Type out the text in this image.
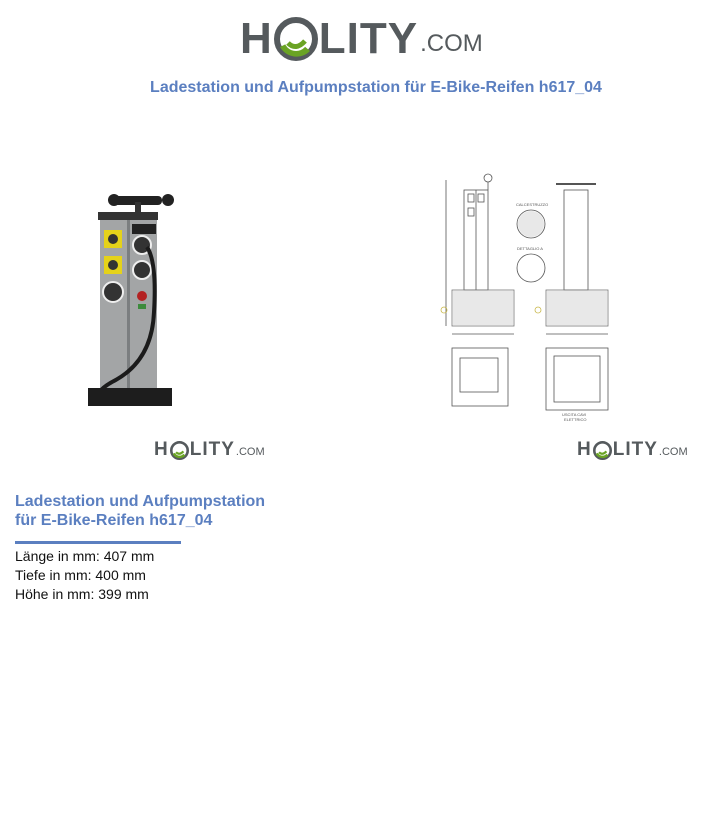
H LITY .COM
Ladestation und Aufpumpstation für E-Bike-Reifen h617_04
CALCESTRUZZO
DETTAGLIO A
USCITA CAVI
ELETTRICO
H LITY .COM	H LITY .COM
Ladestation und Aufpumpstation
für E-Bike-Reifen h617_04
Länge in mm: 407 mm
Tiefe in mm: 400 mm
Höhe in mm: 399 mm
